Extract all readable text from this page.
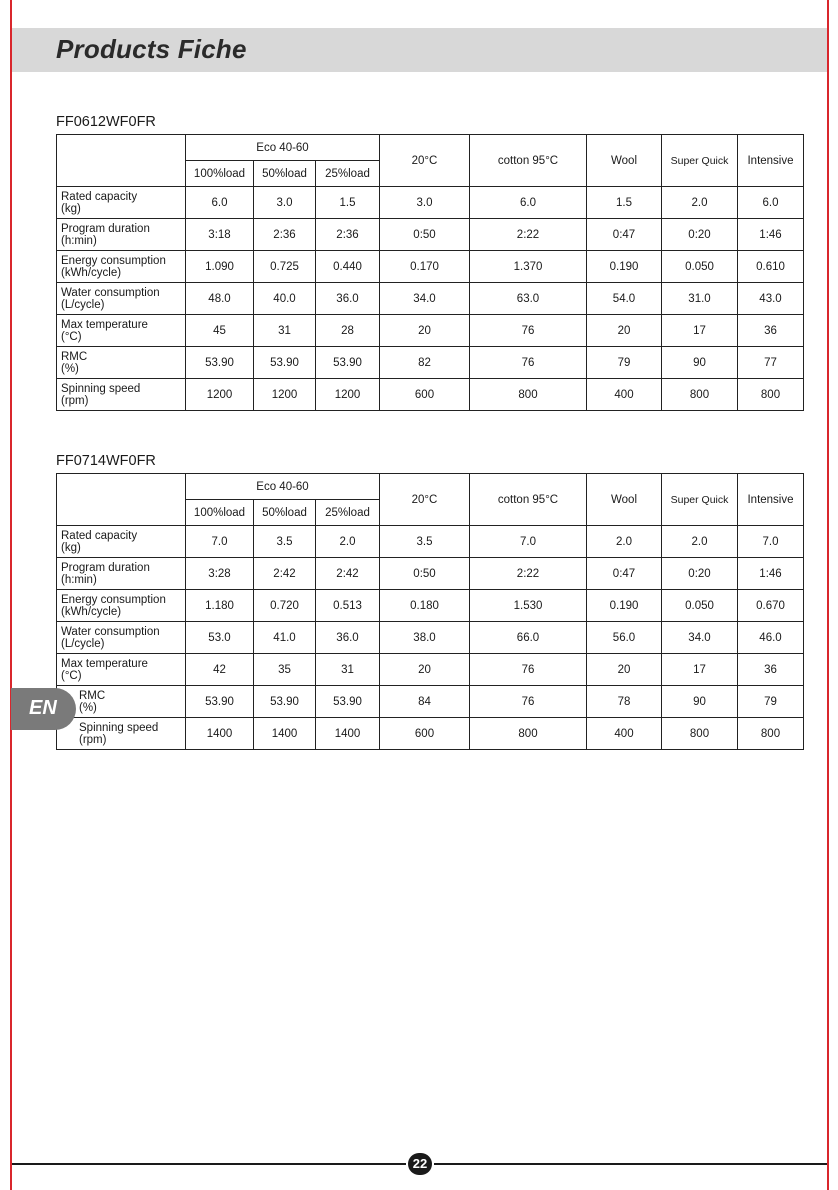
Products Fiche
FF0612WF0FR
	Eco 40-60			20°C	cotton 95°C	Wool	Super Quick	Intensive
	100%load	50%load	25%load					

Rated capacity
(kg)	6.0	3.0	1.5	3.0	6.0	1.5	2.0	6.0

Program duration
(h:min)	3:18	2:36	2:36	0:50	2:22	0:47	0:20	1:46

Energy consumption
(kWh/cycle)	1.090	0.725	0.440	0.170	1.370	0.190	0.050	0.610

Water consumption
(L/cycle)	48.0	40.0	36.0	34.0	63.0	54.0	31.0	43.0

Max temperature
(°C)	45	31	28	20	76	20	17	36

RMC
(%)	53.90	53.90	53.90	82	76	79	90	77

Spinning speed
(rpm)	1200	1200	1200	600	800	400	800	800
FF0714WF0FR
	Eco 40-60			20°C	cotton 95°C	Wool	Super Quick	Intensive
	100%load	50%load	25%load					

Rated capacity
(kg)	7.0	3.5	2.0	3.5	7.0	2.0	2.0	7.0

Program duration
(h:min)	3:28	2:42	2:42	0:50	2:22	0:47	0:20	1:46

Energy consumption
(kWh/cycle)	1.180	0.720	0.513	0.180	1.530	0.190	0.050	0.670

Water consumption
(L/cycle)	53.0	41.0	36.0	38.0	66.0	56.0	34.0	46.0

Max temperature
(°C)	42	35	31	20	76	20	17	36

RMC
(%)	53.90	53.90	53.90	84	76	78	90	79

Spinning speed
(rpm)	1400	1400	1400	600	800	400	800	800
EN
22
